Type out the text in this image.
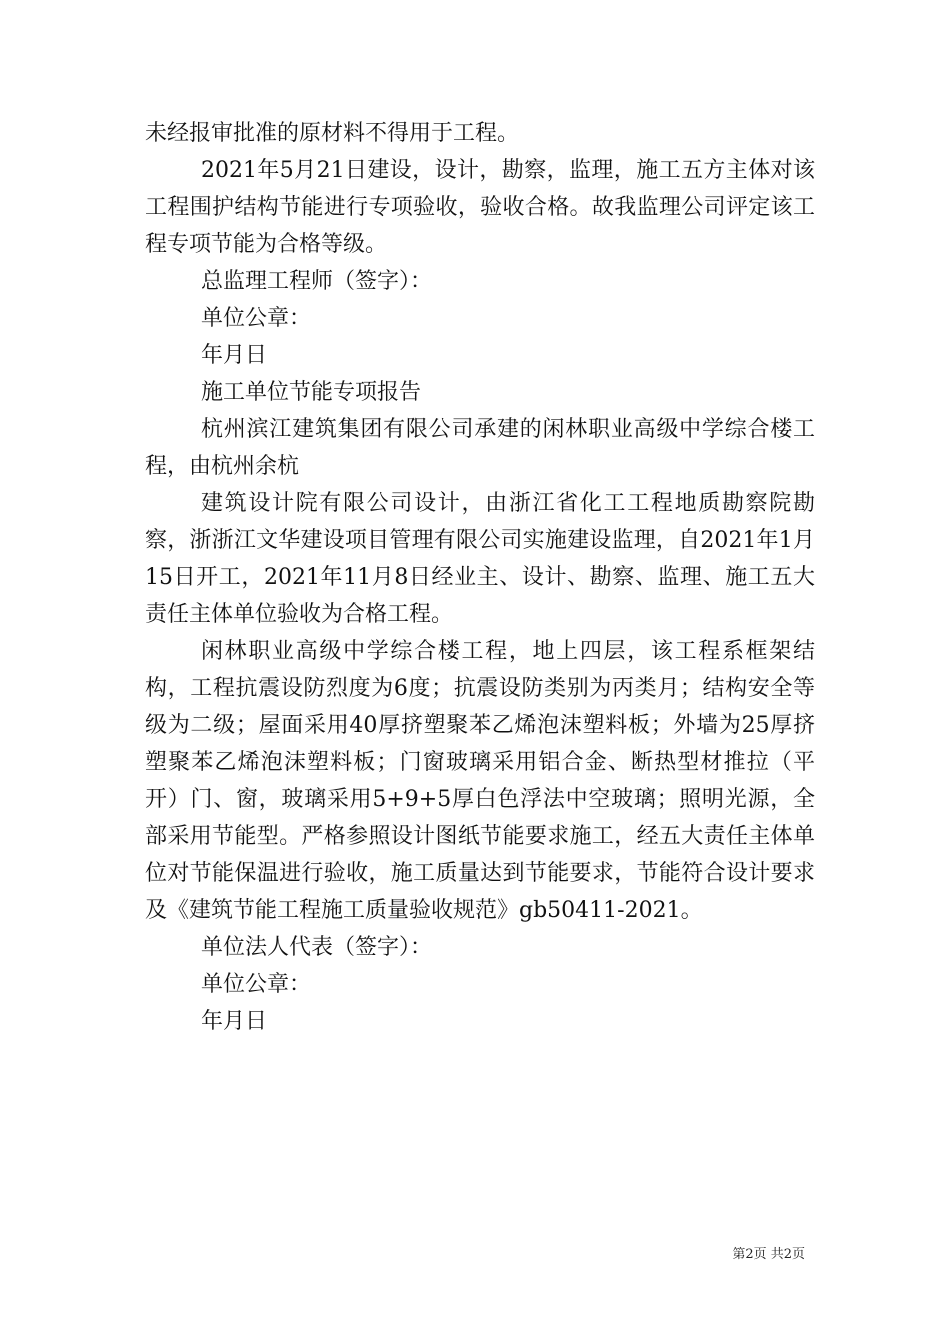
未经报审批准的原材料不得用于工程。

2021年5月21日建设，设计，勘察，监理，施工五方主体对该工程围护结构节能进行专项验收，验收合格。故我监理公司评定该工程专项节能为合格等级。

总监理工程师（签字）：

单位公章：

年月日

施工单位节能专项报告

杭州滨江建筑集团有限公司承建的闲林职业高级中学综合楼工程，由杭州余杭

建筑设计院有限公司设计，由浙江省化工工程地质勘察院勘察，浙浙江文华建设项目管理有限公司实施建设监理，自2021年1月15日开工，2021年11月8日经业主、设计、勘察、监理、施工五大责任主体单位验收为合格工程。

闲林职业高级中学综合楼工程，地上四层，该工程系框架结构，工程抗震设防烈度为6度；抗震设防类别为丙类月；结构安全等级为二级；屋面采用40厚挤塑聚苯乙烯泡沫塑料板；外墙为25厚挤塑聚苯乙烯泡沫塑料板；门窗玻璃采用铝合金、断热型材推拉（平开）门、窗，玻璃采用5+9+5厚白色浮法中空玻璃；照明光源，全部采用节能型。严格参照设计图纸节能要求施工，经五大责任主体单位对节能保温进行验收，施工质量达到节能要求，节能符合设计要求及《建筑节能工程施工质量验收规范》gb50411-2021。

单位法人代表（签字）：

单位公章：

年月日

第2页 共2页
